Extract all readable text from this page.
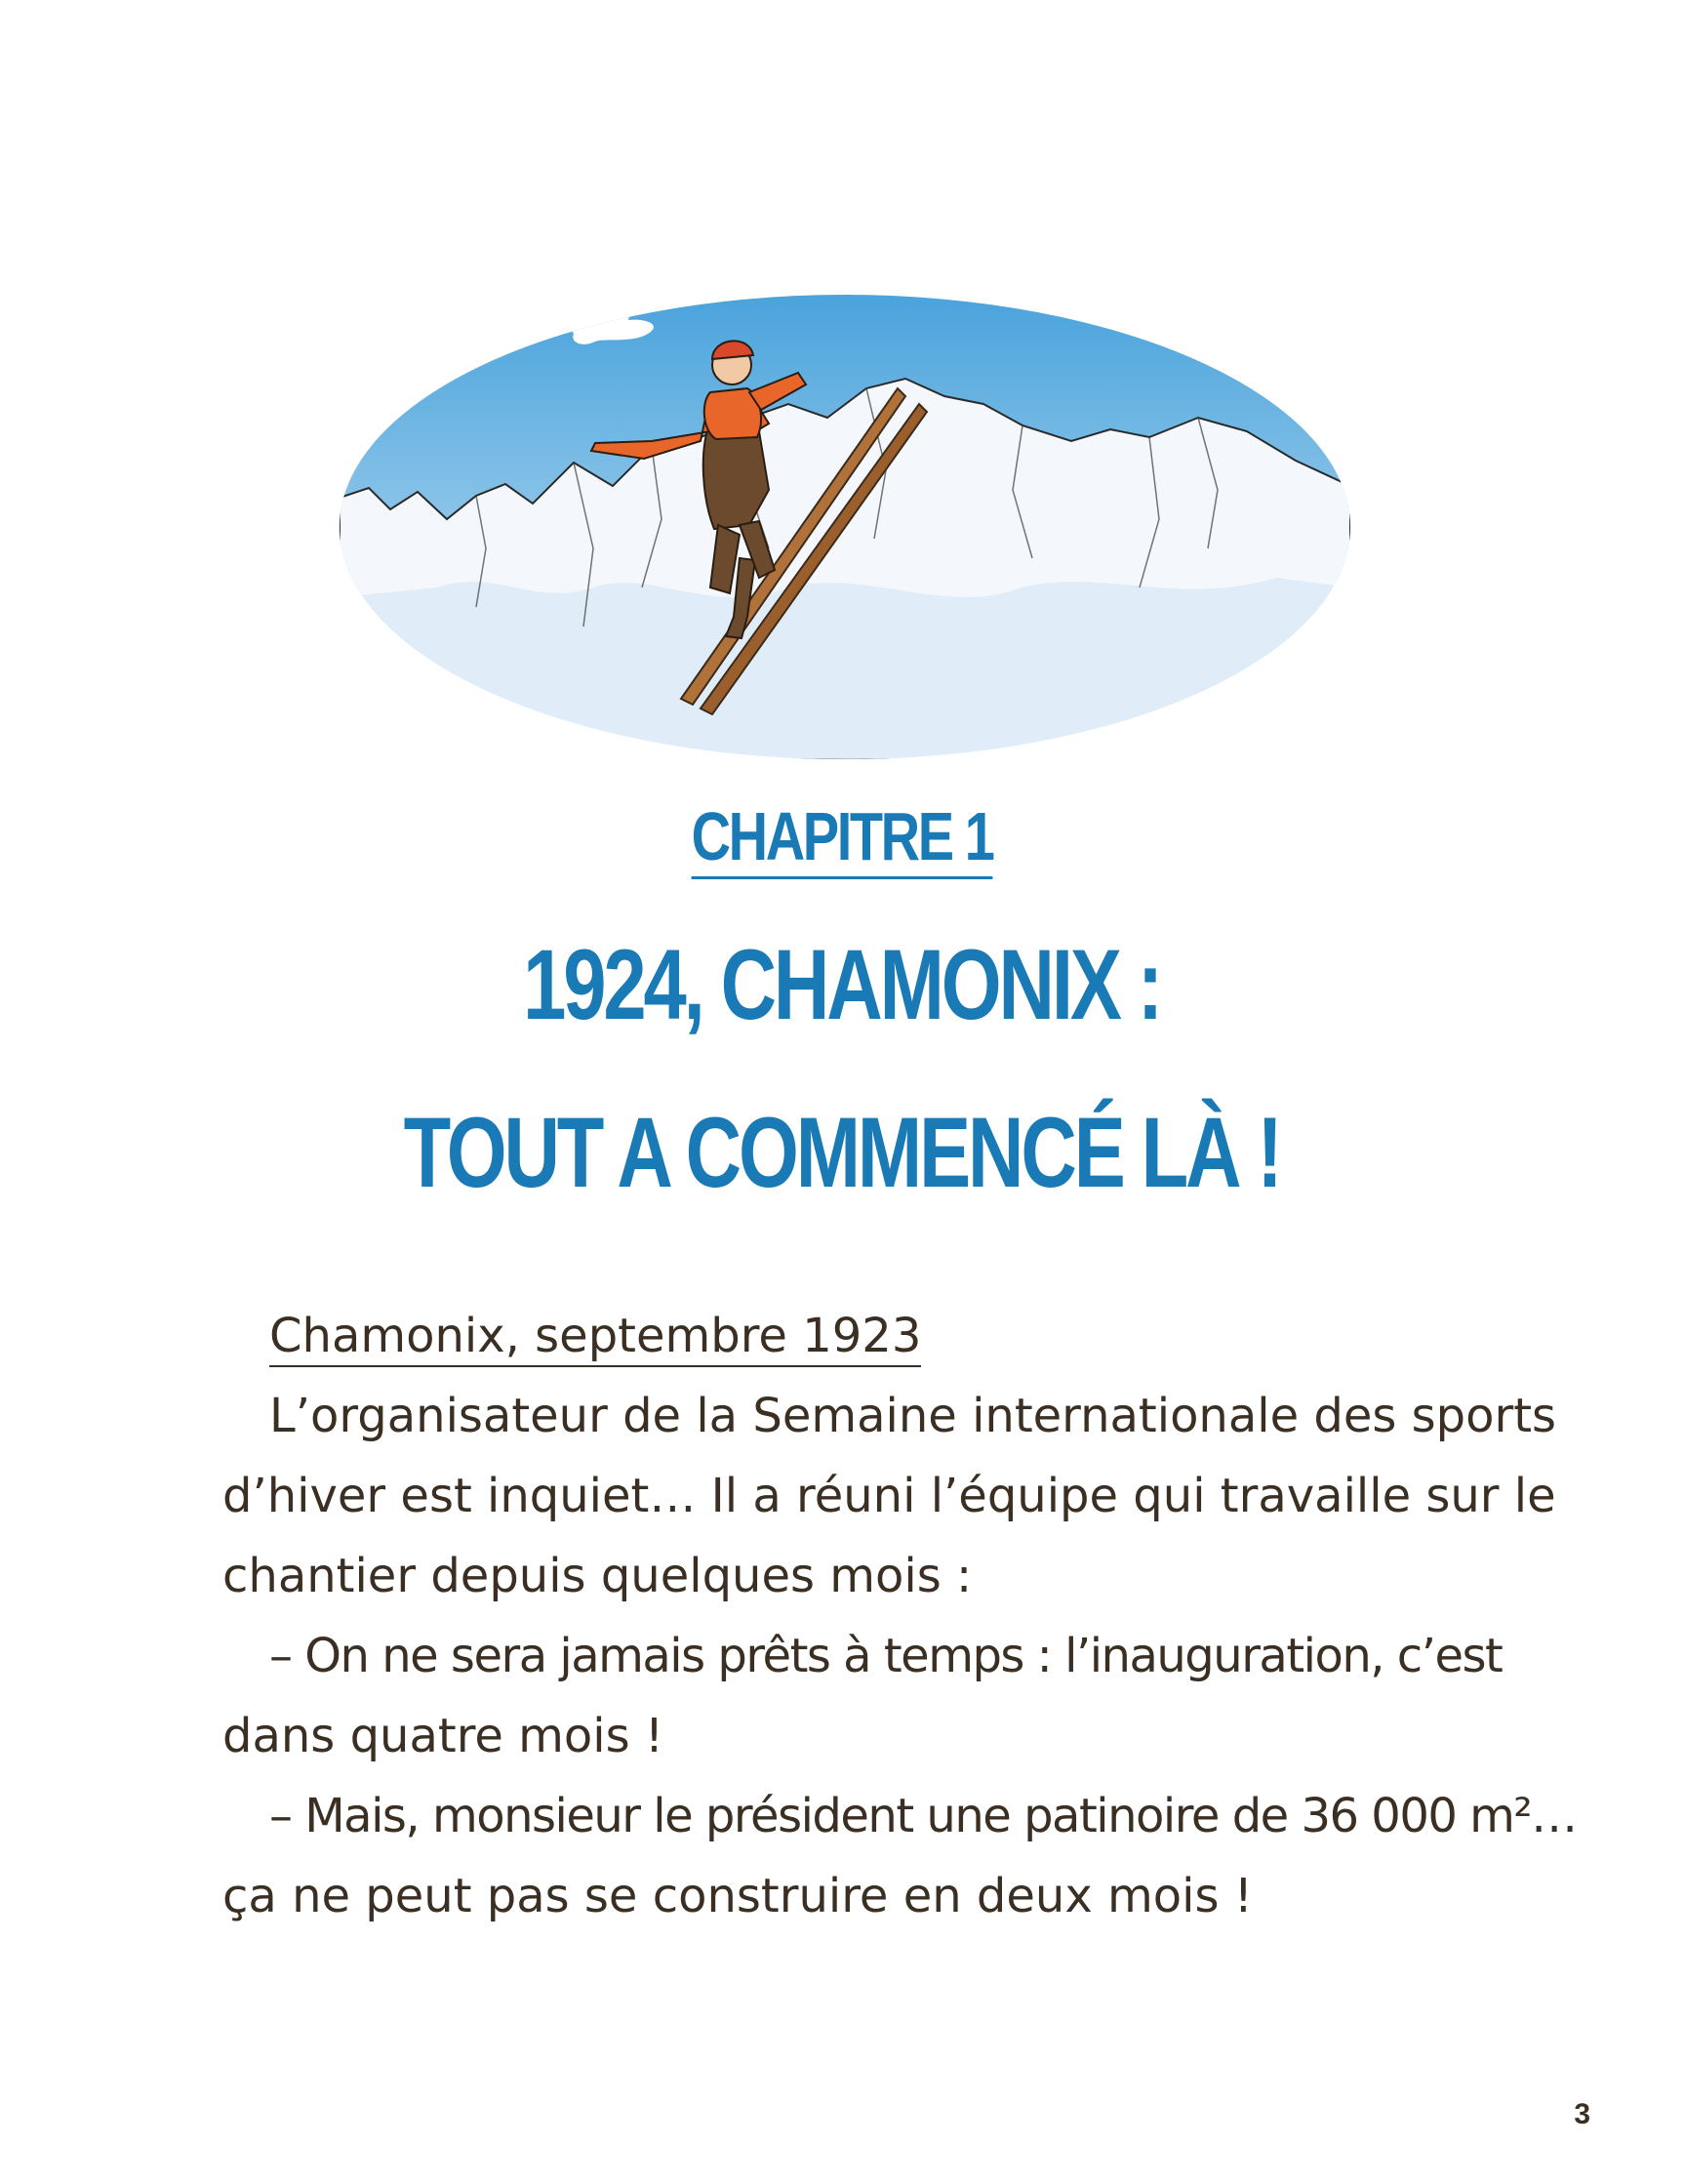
CHAPITRE 1
1924, CHAMONIX :
TOUT A COMMENCÉ LÀ !

Chamonix, septembre 1923

L’organisateur de la Semaine internationale des sports

d’hiver est inquiet… Il a réuni l’équipe qui travaille sur le

chantier depuis quelques mois :

– On ne sera jamais prêts à temps : l’inauguration, c’est

dans quatre mois !

– Mais, monsieur le président une patinoire de 36 000 m²…

ça ne peut pas se construire en deux mois !

3
